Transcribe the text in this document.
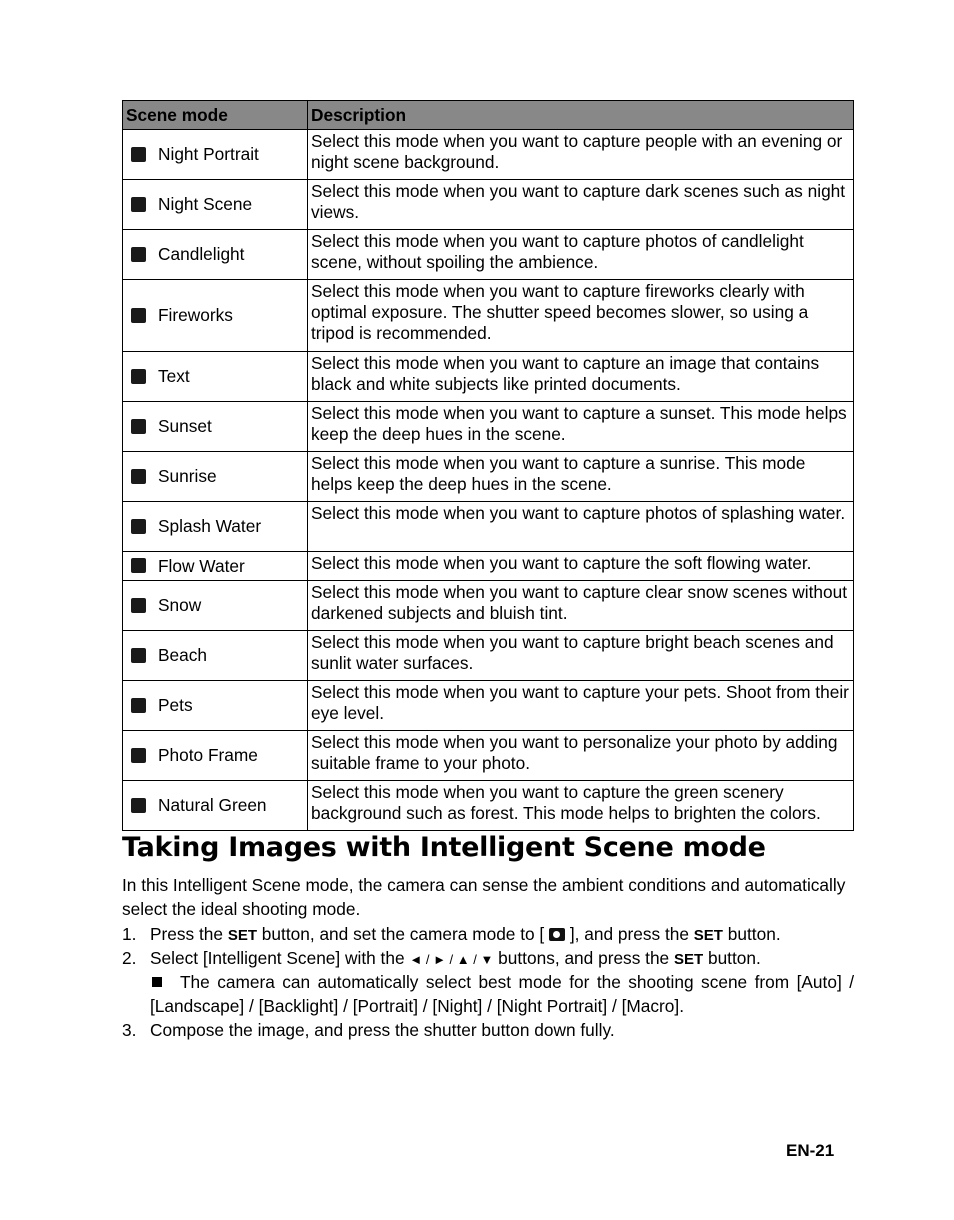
Scene mode	Description
Night Portrait	Select this mode when you want to capture people with an evening or night scene background.
Night Scene	Select this mode when you want to capture dark scenes such as night views.
Candlelight	Select this mode when you want to capture photos of candlelight scene, without spoiling the ambience.
Fireworks	Select this mode when you want to capture fireworks clearly with optimal exposure. The shutter speed becomes slower, so using a tripod is recommended.
Text	Select this mode when you want to capture an image that contains black and white subjects like printed documents.
Sunset	Select this mode when you want to capture a sunset. This mode helps keep the deep hues in the scene.
Sunrise	Select this mode when you want to capture a sunrise. This mode helps keep the deep hues in the scene.
Splash Water	Select this mode when you want to capture photos of splashing water.
Flow Water	Select this mode when you want to capture the soft flowing water.
Snow	Select this mode when you want to capture clear snow scenes without darkened subjects and bluish tint.
Beach	Select this mode when you want to capture bright beach scenes and sunlit water surfaces.
Pets	Select this mode when you want to capture your pets. Shoot from their eye level.
Photo Frame	Select this mode when you want to personalize your photo by adding suitable frame to your photo.
Natural Green	Select this mode when you want to capture the green scenery background such as forest. This mode helps to brighten the colors.
Taking Images with Intelligent Scene mode

In this Intelligent Scene mode, the camera can sense the ambient conditions and automatically select the ideal shooting mode.

1. Press the SET button, and set the camera mode to [  ], and press the SET button.

2. Select [Intelligent Scene] with the ◄ / ► / ▲ / ▼ buttons, and press the SET button.

The camera can automatically select best mode for the shooting scene from [Auto] / [Landscape] / [Backlight] / [Portrait] / [Night] / [Night Portrait] / [Macro].

3. Compose the image, and press the shutter button down fully.

EN-21
